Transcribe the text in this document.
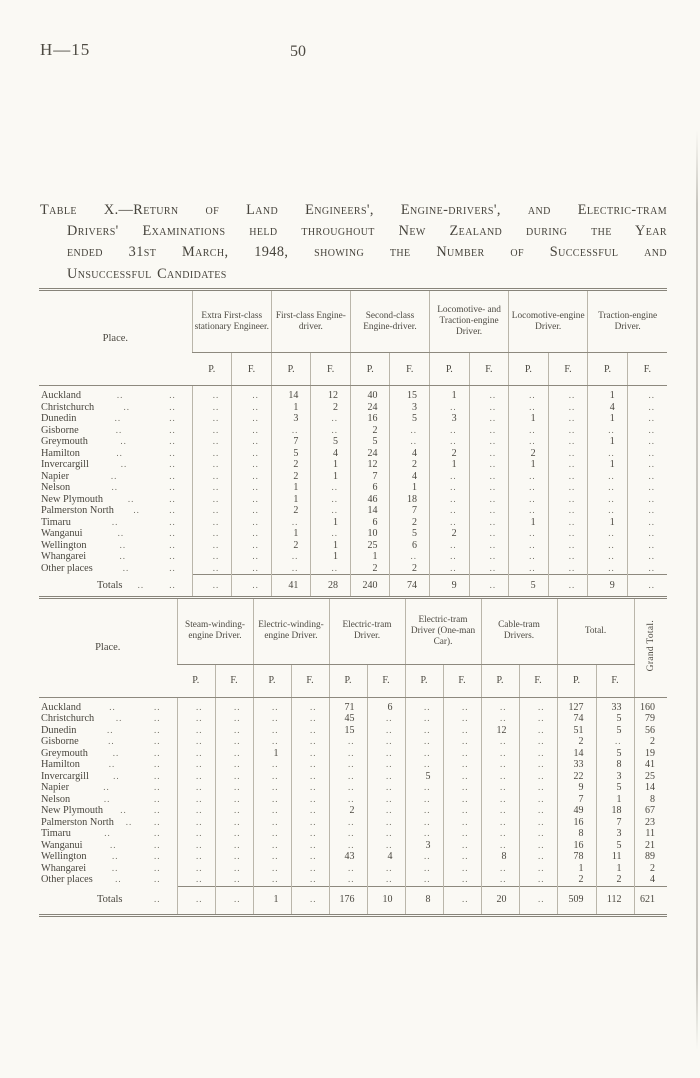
H—15	50
Table X.—Return of Land Engineers', Engine-drivers', and Electric-tram
Drivers' Examinations held throughout New Zealand during the Year
ended 31st March, 1948, showing the Number of Successful and
Unsuccessful Candidates
Place.	Extra First-class stationary Engineer.		First-class Engine-driver.		Second-class Engine-driver.		Locomotive- and Traction-engine Driver.		Locomotive-engine Driver.		Traction-engine Driver.	
	P.	F.	P.	F.	P.	F.	P.	F.	P.	F.	P.	F.

Auckland .. ..	..	..	14	12	40	15	1	..	..	..	1	..

Christchurch .. ..	..	..	1	2	24	3	..	..	..	..	4	..

Dunedin .. ..	..	..	3	..	16	5	3	..	1	..	1	..

Gisborne .. ..	..	..	..	..	2	..	..	..	..	..	..	..

Greymouth .. ..	..	..	7	5	5	..	..	..	..	..	1	..

Hamilton .. ..	..	..	5	4	24	4	2	..	2	..	..	..

Invercargill .. ..	..	..	2	1	12	2	1	..	1	..	1	..

Napier .. ..	..	..	2	1	7	4	..	..	..	..	..	..

Nelson .. ..	..	..	1	..	6	1	..	..	..	..	..	..

New Plymouth .. ..	..	..	1	..	46	18	..	..	..	..	..	..

Palmerston North .. ..	..	..	2	..	14	7	..	..	..	..	..	..

Timaru .. ..	..	..	..	1	6	2	..	..	1	..	1	..

Wanganui .. ..	..	..	1	..	10	5	2	..	..	..	..	..

Wellington .. ..	..	..	2	1	25	6	..	..	..	..	..	..

Whangarei .. ..	..	..	..	1	1	..	..	..	..	..	..	..

Other places .. ..	..	..	..	..	2	2	..	..	..	..	..	..

Totals .. ..	..	..	41	28	240	74	9	..	5	..	9	..
Place.	Steam-winding-engine Driver.		Electric-winding-engine Driver.		Electric-tram Driver.		Electric-tram Driver (One-man Car).		Cable-tram Drivers.		Total.		Grand Total.
	P.	F.	P.	F.	P.	F.	P.	F.	P.	F.	P.	F.	

Auckland .. ..	..	..	..	..	71	6	..	..	..	..	127	33	160

Christchurch .. ..	..	..	..	..	45	..	..	..	..	..	74	5	79

Dunedin .. ..	..	..	..	..	15	..	..	..	12	..	51	5	56

Gisborne .. ..	..	..	..	..	..	..	..	..	..	..	2	..	2

Greymouth .. ..	..	..	1	..	..	..	..	..	..	..	14	5	19

Hamilton .. ..	..	..	..	..	..	..	..	..	..	..	33	8	41

Invercargill .. ..	..	..	..	..	..	..	5	..	..	..	22	3	25

Napier .. ..	..	..	..	..	..	..	..	..	..	..	9	5	14

Nelson .. ..	..	..	..	..	..	..	..	..	..	..	7	1	8

New Plymouth .. ..	..	..	..	..	2	..	..	..	..	..	49	18	67

Palmerston North .. ..	..	..	..	..	..	..	..	..	..	..	16	7	23

Timaru .. ..	..	..	..	..	..	..	..	..	..	..	8	3	11

Wanganui .. ..	..	..	..	..	..	..	3	..	..	..	16	5	21

Wellington .. ..	..	..	..	..	43	4	..	..	8	..	78	11	89

Whangarei .. ..	..	..	..	..	..	..	..	..	..	..	1	1	2

Other places .. ..	..	..	..	..	..	..	..	..	..	..	2	2	4

Totals ..	..	..	1	..	176	10	8	..	20	..	509	112	621
